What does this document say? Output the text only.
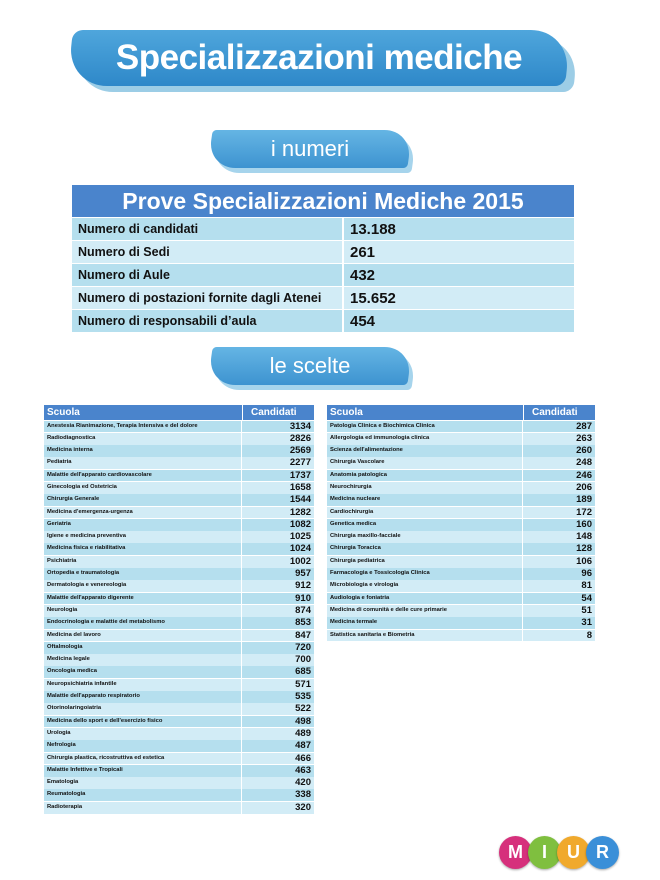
Specializzazioni mediche
i numeri
Prove Specializzazioni Mediche 2015
Numero di candidati	13.188
Numero di Sedi	261
Numero di Aule	432
Numero di postazioni fornite dagli Atenei	15.652
Numero di responsabili d’aula	454
le scelte
Scuola	Candidati
Anestesia Rianimazione, Terapia Intensiva e del dolore	3134
Radiodiagnostica	2826
Medicina interna	2569
Pediatria	2277
Malattie dell'apparato cardiovascolare	1737
Ginecologia ed Ostetricia	1658
Chirurgia Generale	1544
Medicina d'emergenza-urgenza	1282
Geriatria	1082
Igiene e medicina preventiva	1025
Medicina fisica e riabilitativa	1024
Psichiatria	1002
Ortopedia e traumatologia	957
Dermatologia e venereologia	912
Malattie dell'apparato digerente	910
Neurologia	874
Endocrinologia e malattie del metabolismo	853
Medicina del lavoro	847
Oftalmologia	720
Medicina legale	700
Oncologia medica	685
Neuropsichiatria infantile	571
Malattie dell'apparato respiratorio	535
Otorinolaringoiatria	522
Medicina dello sport e dell'esercizio fisico	498
Urologia	489
Nefrologia	487
Chirurgia plastica, ricostruttiva ed estetica	466
Malattie Infettive e Tropicali	463
Ematologia	420
Reumatologia	338
Radioterapia	320
Scuola	Candidati
Patologia Clinica e Biochimica Clinica	287
Allergologia ed immunologia clinica	263
Scienza dell'alimentazione	260
Chirurgia Vascolare	248
Anatomia patologica	246
Neurochirurgia	206
Medicina nucleare	189
Cardiochirurgia	172
Genetica medica	160
Chirurgia maxillo-facciale	148
Chirurgia Toracica	128
Chirurgia pediatrica	106
Farmacologia e Tossicologia Clinica	96
Microbiologia e virologia	81
Audiologia e foniatria	54
Medicina di comunità e delle cure primarie	51
Medicina termale	31
Statistica sanitaria e Biometria	8
M	I	U R
